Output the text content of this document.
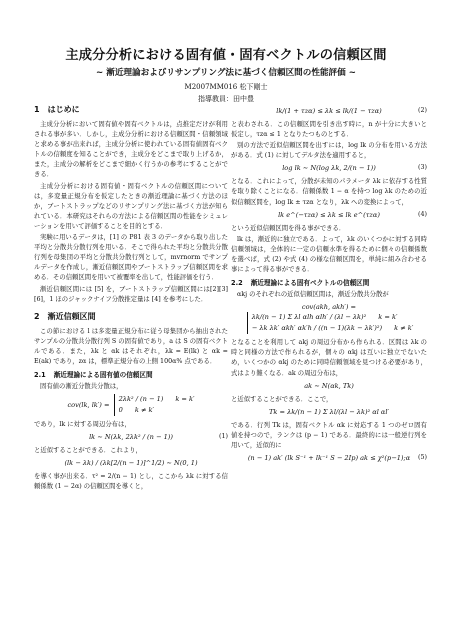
主成分分析における固有値・固有ベクトルの信頼区間
~ 漸近理論およびリサンプリング法に基づく信頼区間の性能評価 ~
M2007MM016 松下剛士
指導教員：田中豊
1 はじめに

主成分分析において固有値や固有ベクトルは，点推定だけが利用される事が多い．しかし，主成分分析における信頼区間・信頼領域と求める事が出来れば，主成分分析に使われている固有値固有ベクトルの信頼度を知ることができ，主成分をどこまで取り上げるか，また，主成分の解析をどこまで細かく行うかの参考にすることができる．

主成分分析における固有値・固有ベクトルの信頼区間については，多変量正規分布を仮定したときの漸近理論に基づく方法のほか，ブートストラップなどのリサンプリング法に基づく方法が知られている．本研究はそれらの方法による信頼区間の性能をシミュレーションを用いて評価することを目的とする．

実験に用いるデータは，[1] の P81 表 3 のデータから取り出した平均と分散共分散行列を用いる．そこで得られた平均と分散共分散行列を母集団の平均と分散共分散行列として，mvrnorm でサンプルデータを作成し，漸近信頼区間やブートストラップ信頼区間を求める．その信頼区間を用いて被覆率を出して，性能評価を行う．

漸近信頼区間には [5] を，ブートストラップ信頼区間には[2][3][6]，1 ほのジャックナイフ分散推定量は [4] を参考にした．

2 漸近信頼区間

この節における l は多変量正規分布に従う母集団から抽出されたサンプルの分散共分散行列 S の固有値であり，a は S の固有ベクトルである．また，λk と αk はそれぞれ，λk = E(lk) と αk = E(ak) であり，zα は，標準正規分布の上側 100α% 点である．

2.1 漸近理論による固有値の信頼区間

固有値の漸近分散共分散は，

cov(lk, lk′) =
2λk² / (n − 1) k = k′
0 k ≠ k′

であり，lk に対する周辺分布は，

lk ∼ N(λk, 2λk² / (n − 1))	(1)

と近似することができる．これより，

(lk − λk) / (λk[2/(n − 1)]^1/2) ∼ N(0, 1)

を導く事が出来る．τ² = 2/(n − 1) とし，ここから λk に対する信頼係数 (1 − 2α) の信頼区間を導くと，

lk/(1 + τzα) ≤ λk ≤ lk/(1 − τzα)	(2)

と表わされる．この信頼区間を引き出す時に，n が十分に大きいと仮定し，τzα ≤ 1 となりたつものとする．

別の方法で近似信頼区間を出すには，log lk の分布を用いる方法がある．式 (1) に対してデルタ法を適用すると，

log lk ∼ N(log λk, 2/(n − 1))	(3)

となる．これによって，分散が未知のパラメータ λk に依存する性質を取り除くことになる．信頼係数 1 − α を持つ log λk のための近似信頼区間を，log lk ± τzα となり，λk への変換によって，

lk e^(−τzα) ≤ λk ≤ lk e^(τzα)	(4)

という近似信頼区間を得る事ができる．

lk は，漸近的に独立である．よって，λk のいくつかに対する同時信頼領域は，全体的に一定の信頼水準を得るために個々の信頼係数を選べば，式 (2) や式 (4) の様な信頼区間を，単純に組み合わせる事によって得る事ができる．

2.2 漸近理論による固有ベクトルの信頼区間

αkj のそれぞれの近似信頼区間は，漸近分散共分散が

cov(akh, akh′) =
λk/(n − 1) Σ λl αlh αlh′ / (λl − λk)² k = k′
− λk λk′ αkh′ αk′h / ((n − 1)(λk − λk′)²) k ≠ k′

となることを利用して akj の周辺分布から作られる．区間は λk の時と同様の方法で作られるが，個々の αkj は互いに独立でないため，いくつかの αkj のために同時信頼領域を見つける必要があり，式はより難くなる．ak の周辺分布は，

ak ∼ N(αk, Tk)

と近似することができる．ここで，

Tk = λk/(n − 1) Σ λl/(λl − λk)² αl αl′

である．行列 Tk は，固有ベクトル αk に対応する 1 つのゼロ固有値を持つので，ランクは (p − 1) である．最終的には一般逆行列を用いて，近似的に

(n − 1) ak′ (lk S⁻¹ + lk⁻¹ S − 2Ip) ak ≤ χ²(p−1);α (5)
